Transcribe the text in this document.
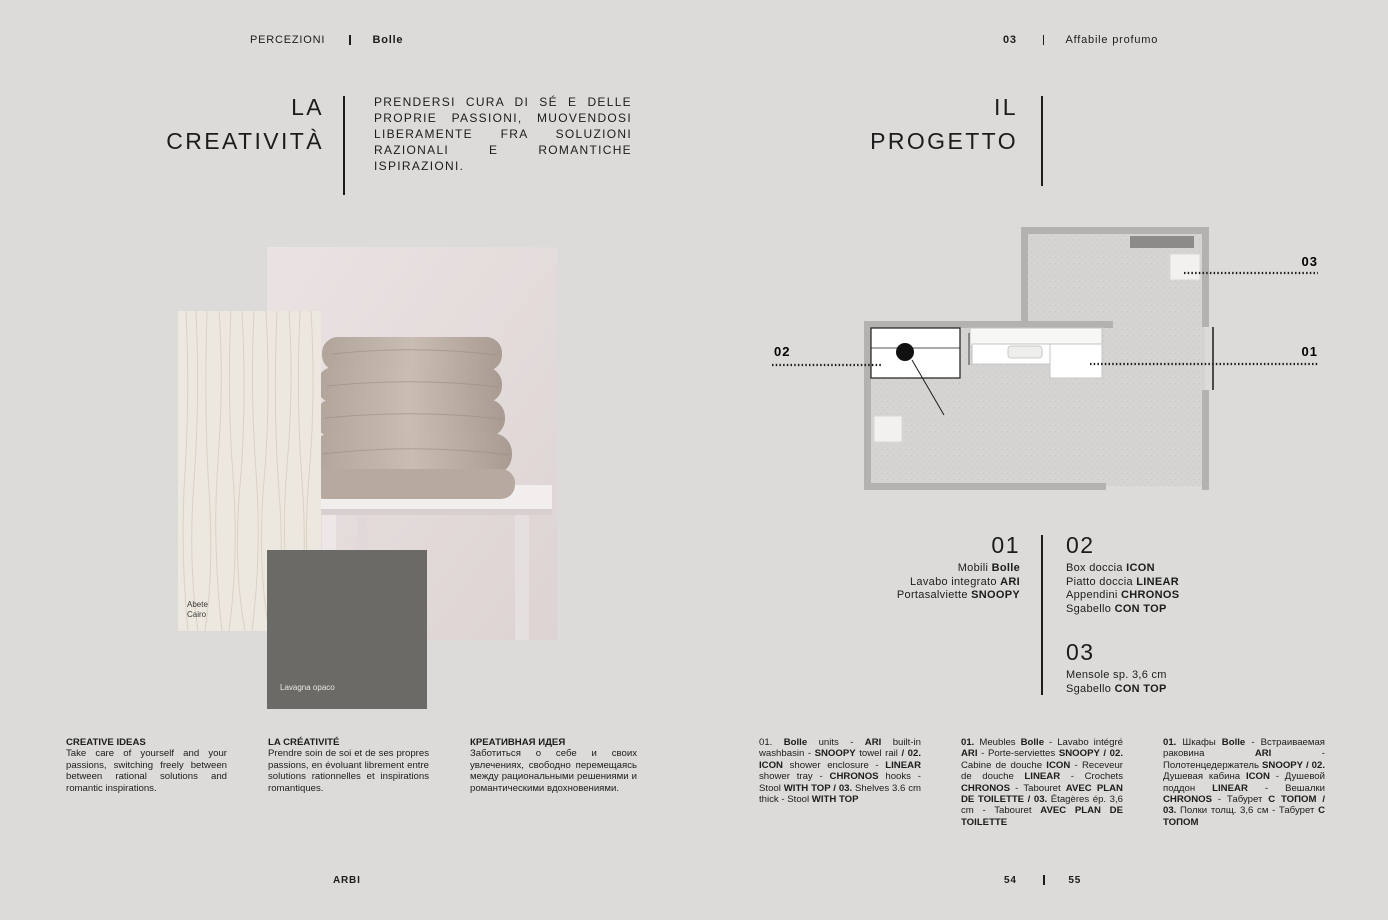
PERCEZIONI	Bolle	03	Affabile profumo
LA
CREATIVITÀ
PRENDERSI CURA DI SÉ E DELLE PROPRIE PASSIONI, MUOVENDOSI LIBERAMENTE FRA SOLUZIONI RAZIONALI E ROMANTICHE ISPIRAZIONI.
IL
PROGETTO
Abete
Cairo
Lavagna opaco
CREATIVE IDEAS

Take care of yourself and your passions, switching freely between between rational solutions and romantic inspirations.

LA CRÉATIVITÉ

Prendre soin de soi et de ses propres passions, en évoluant librement entre solutions rationnelles et inspirations romantiques.

КРЕАТИВНАЯ ИДЕЯ

Заботиться о себе и своих увлечениях, свободно перемещаясь между рациональными решениями и романтическими вдохновениями.

03
02	01
01
Mobili Bolle
Lavabo integrato ARI
Portasalviette SNOOPY
02
Box doccia ICON
Piatto doccia LINEAR
Appendini CHRONOS
Sgabello CON TOP
03
Mensole sp. 3,6 cm
Sgabello CON TOP
01. Bolle units - ARI built-in washbasin - SNOOPY towel rail / 02. ICON shower enclosure - LINEAR shower tray - CHRONOS hooks - Stool WITH TOP / 03. Shelves 3.6 cm thick - Stool WITH TOP
01. Meubles Bolle - Lavabo intégré ARI - Porte-serviettes SNOOPY / 02. Cabine de douche ICON - Receveur de douche LINEAR - Crochets CHRONOS - Tabouret AVEC PLAN DE TOILETTE / 03. Étagères ép. 3,6 cm - Tabouret AVEC PLAN DE TOILETTE
01. Шкафы Bolle - Встраиваемая раковина ARI - Полотенцедержатель SNOOPY / 02. Душевая кабина ICON - Душевой поддон LINEAR - Вешалки CHRONOS - Табурет С ТОПОМ / 03. Полки толщ. 3,6 см - Табурет С ТОПОМ
ARBI	54	55
